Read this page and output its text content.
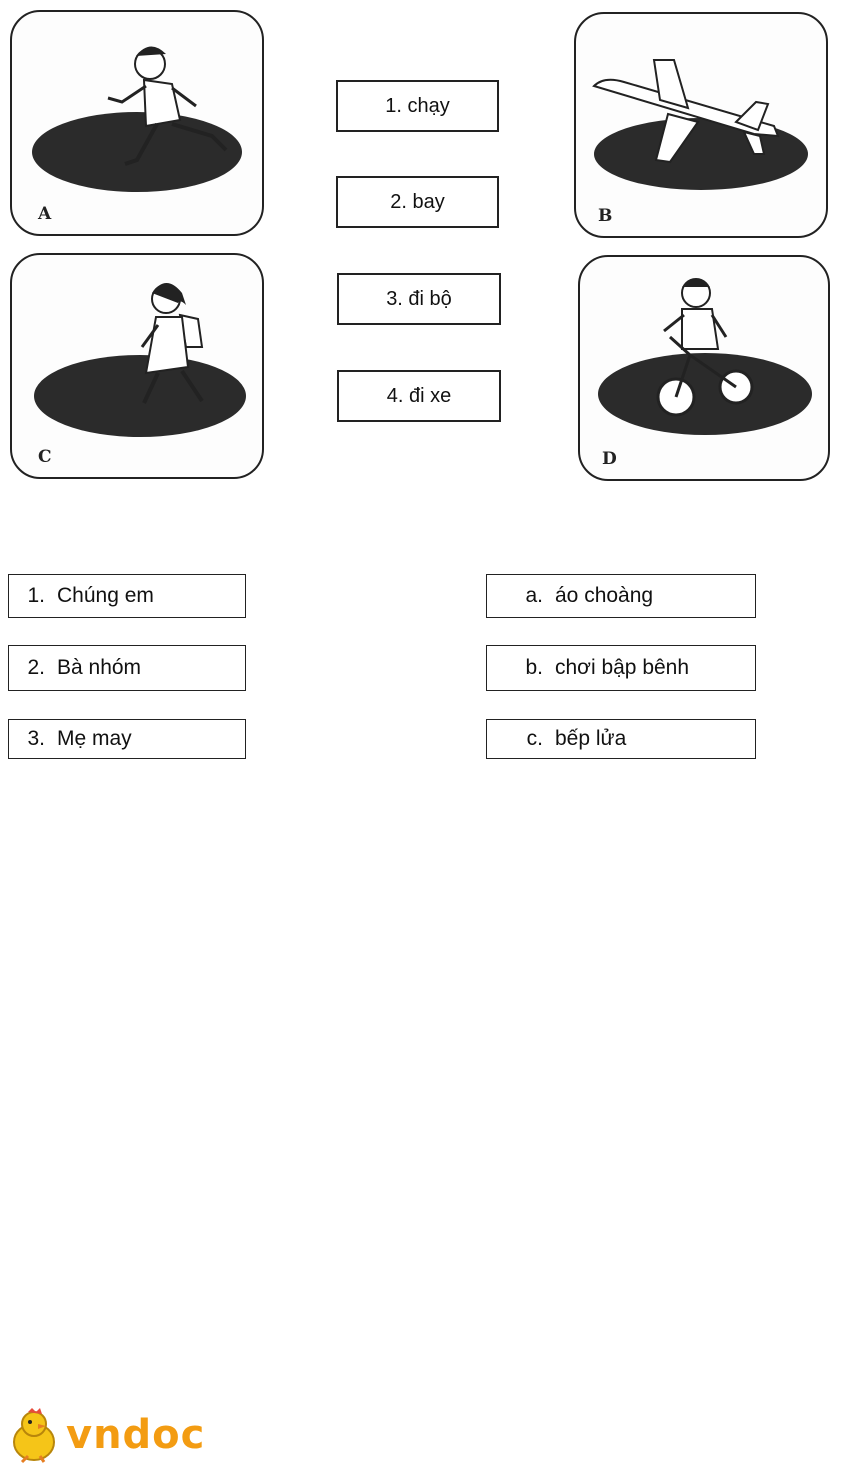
A	B
C	D
1. chạy
2. bay
3. đi bộ
4. đi xe
1. Chúng em
2. Bà nhóm
3. Mẹ may
a. áo choàng
b. chơi bập bênh
c. bếp lửa
vndoc
